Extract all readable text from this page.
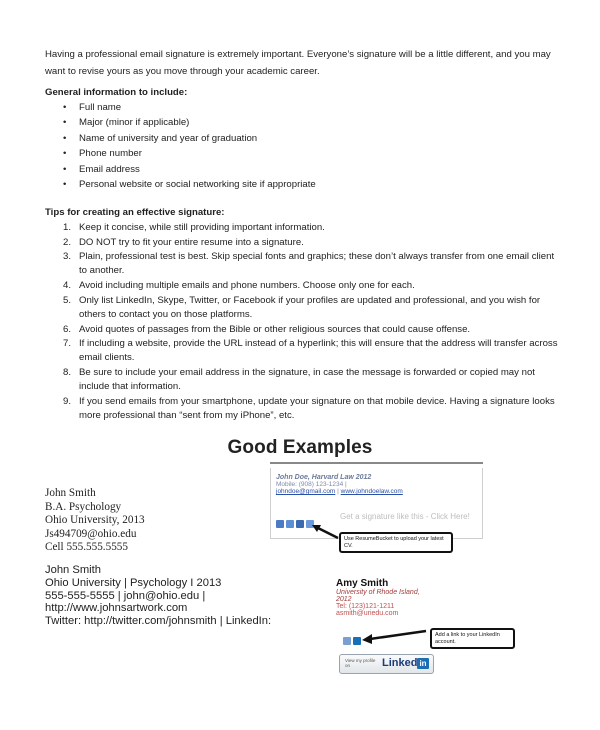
Having a professional email signature is extremely important. Everyone’s signature will be a little different, and you may want to revise yours as you move through your academic career.

General information to include:

• Full name
• Major (minor if applicable)
• Name of university and year of graduation
• Phone number
• Email address
• Personal website or social networking site if appropriate

Tips for creating an effective signature:

1. Keep it concise, while still providing important information.
2. DO NOT try to fit your entire resume into a signature.
3. Plain, professional test is best. Skip special fonts and graphics; these don’t always transfer from one email client to another.
4. Avoid including multiple emails and phone numbers. Choose only one for each.
5. Only list LinkedIn, Skype, Twitter, or Facebook if your profiles are updated and professional, and you wish for others to contact you on those platforms.
6. Avoid quotes of passages from the Bible or other religious sources that could cause offense.
7. If including a website, provide the URL instead of a hyperlink; this will ensure that the address will transfer across email clients.
8. Be sure to include your email address in the signature, in case the message is forwarded or copied may not include that information.
9. If you send emails from your smartphone, update your signature on that mobile device. Having a signature looks more professional than “sent from my iPhone”, etc.

Good Examples

John Smith
B.A. Psychology
Ohio University, 2013
Js494709@ohio.edu
Cell 555.555.5555
John Smith
Ohio University | Psychology I 2013
555-555-5555 | john@ohio.edu |
http://www.johnsartwork.com
Twitter: http://twitter.com/johnsmith | LinkedIn:
John Doe, Harvard Law 2012
Mobile: (908) 123-1234 |
johndoe@gmail.com | www.johndoelaw.com
Get a signature like this - Click Here!
Use ResumeBucket to upload your latest CV.
Amy Smith
University of Rhode Island,
2012
Tel: (123)121-1211
asmith@uriedu.com
Add a link to your LinkedIn account.
View my profile on	Linked in
